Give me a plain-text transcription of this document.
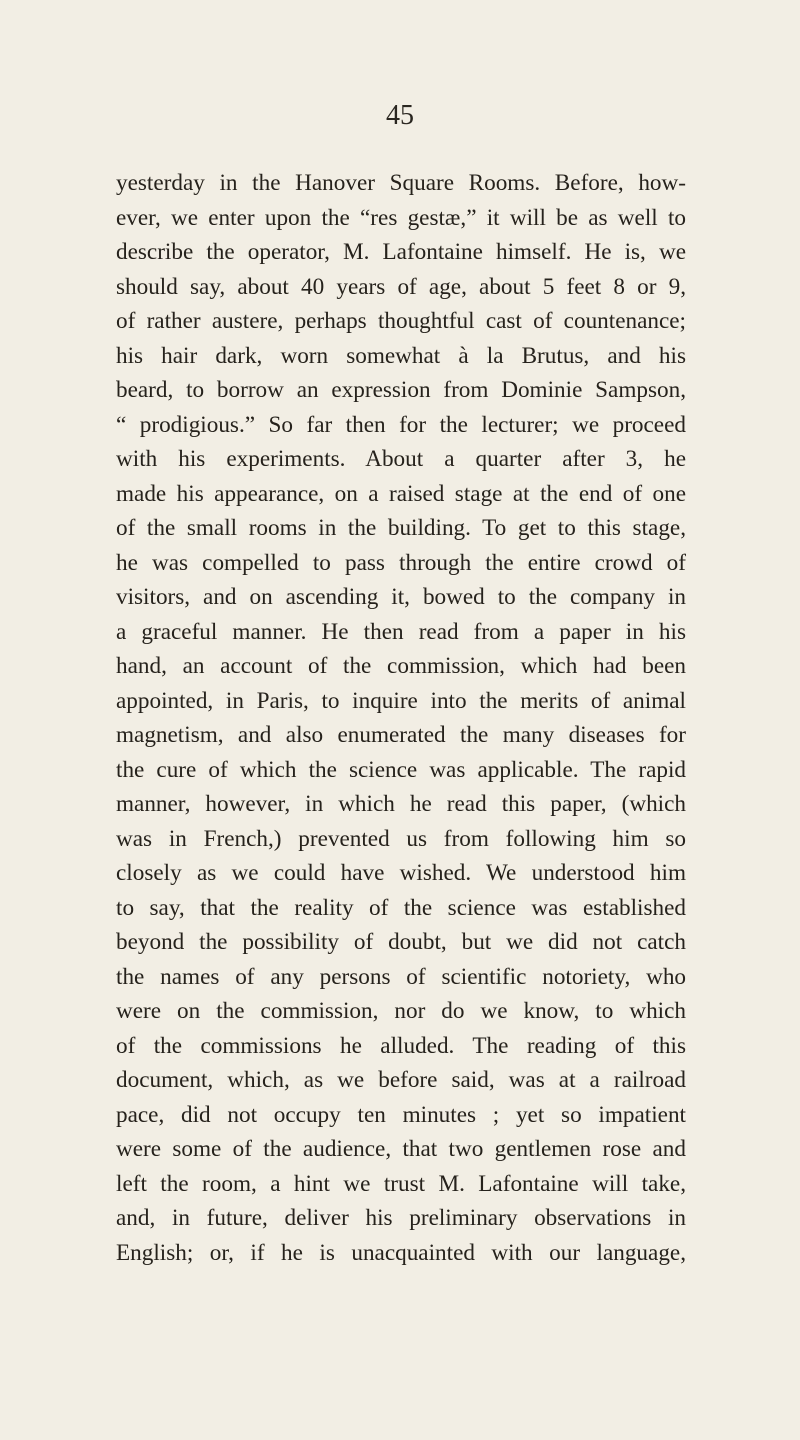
45
yesterday in the Hanover Square Rooms. Before, how-
ever, we enter upon the “res gestæ,” it will be as well to
describe the operator, M. Lafontaine himself. He is, we
should say, about 40 years of age, about 5 feet 8 or 9,
of rather austere, perhaps thoughtful cast of countenance;
his hair dark, worn somewhat à la Brutus, and his
beard, to borrow an expression from Dominie Sampson,
“ prodigious.” So far then for the lecturer; we proceed
with his experiments. About a quarter after 3, he
made his appearance, on a raised stage at the end of one
of the small rooms in the building. To get to this stage,
he was compelled to pass through the entire crowd of
visitors, and on ascending it, bowed to the company in
a graceful manner. He then read from a paper in his
hand, an account of the commission, which had been
appointed, in Paris, to inquire into the merits of animal
magnetism, and also enumerated the many diseases for
the cure of which the science was applicable. The rapid
manner, however, in which he read this paper, (which
was in French,) prevented us from following him so
closely as we could have wished. We understood him
to say, that the reality of the science was established
beyond the possibility of doubt, but we did not catch
the names of any persons of scientific notoriety, who
were on the commission, nor do we know, to which
of the commissions he alluded. The reading of this
document, which, as we before said, was at a railroad
pace, did not occupy ten minutes ; yet so impatient
were some of the audience, that two gentlemen rose and
left the room, a hint we trust M. Lafontaine will take,
and, in future, deliver his preliminary observations in
English; or, if he is unacquainted with our language,
